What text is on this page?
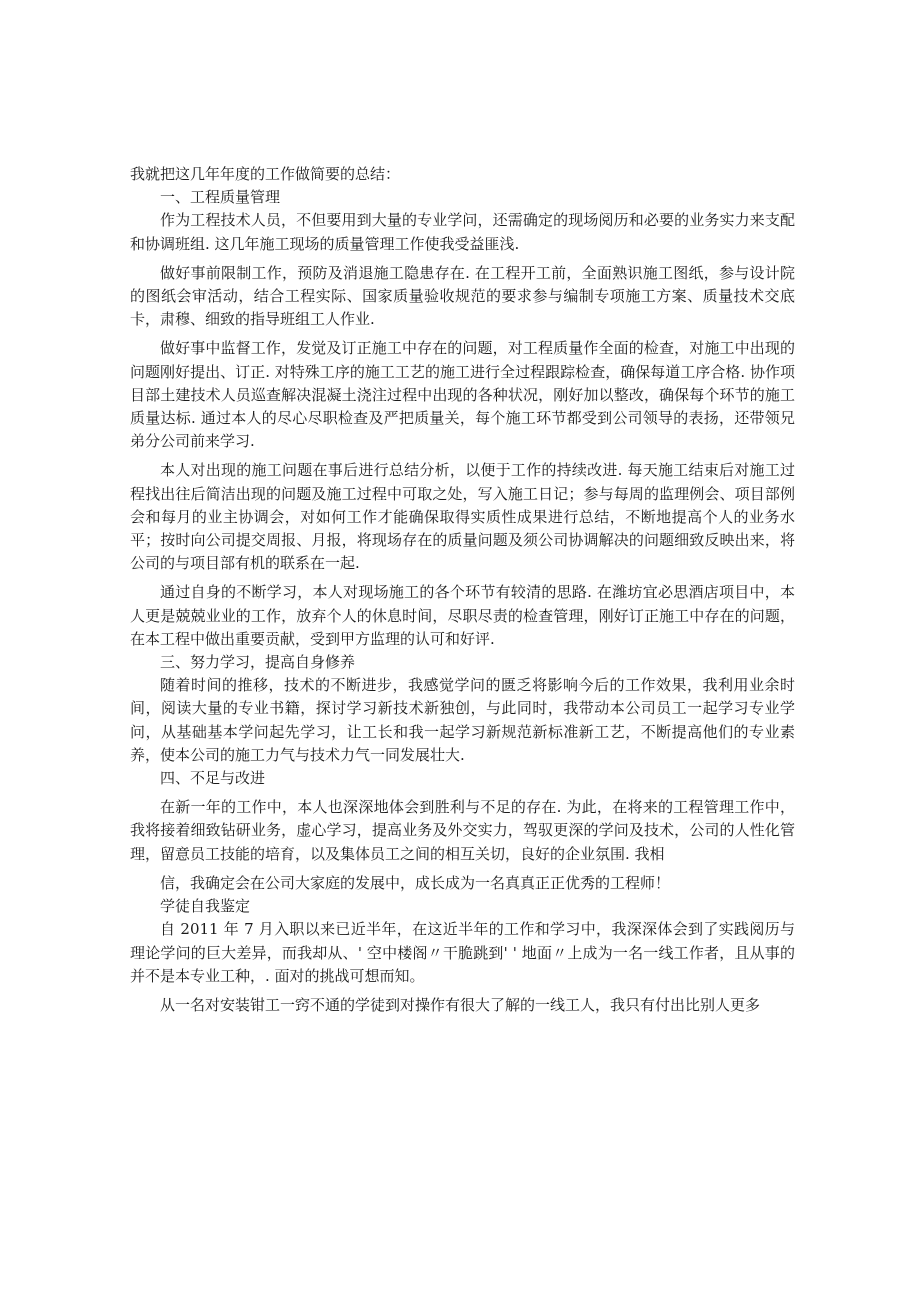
我就把这几年年度的工作做简要的总结：

一、工程质量管理

作为工程技术人员，不但要用到大量的专业学问，还需确定的现场阅历和必要的业务实力来支配和协调班组. 这几年施工现场的质量管理工作使我受益匪浅.

做好事前限制工作，预防及消退施工隐患存在. 在工程开工前，全面熟识施工图纸，参与设计院的图纸会审活动，结合工程实际、国家质量验收规范的要求参与编制专项施工方案、质量技术交底卡，肃穆、细致的指导班组工人作业.

做好事中监督工作，发觉及订正施工中存在的问题，对工程质量作全面的检查，对施工中出现的问题刚好提出、订正. 对特殊工序的施工工艺的施工进行全过程跟踪检查，确保每道工序合格. 协作项目部土建技术人员巡查解决混凝土浇注过程中出现的各种状况，刚好加以整改，确保每个环节的施工质量达标. 通过本人的尽心尽职检查及严把质量关，每个施工环节都受到公司领导的表扬，还带领兄弟分公司前来学习.

本人对出现的施工问题在事后进行总结分析，以便于工作的持续改进. 每天施工结束后对施工过程找出往后简洁出现的问题及施工过程中可取之处，写入施工日记；参与每周的监理例会、项目部例会和每月的业主协调会，对如何工作才能确保取得实质性成果进行总结，不断地提高个人的业务水平；按时向公司提交周报、月报，将现场存在的质量问题及须公司协调解决的问题细致反映出来，将公司的与项目部有机的联系在一起.

通过自身的不断学习，本人对现场施工的各个环节有较清的思路. 在潍坊宜必思酒店项目中，本人更是兢兢业业的工作，放弃个人的休息时间，尽职尽责的检查管理，刚好订正施工中存在的问题，在本工程中做出重要贡献，受到甲方监理的认可和好评.

三、努力学习，提高自身修养

随着时间的推移，技术的不断进步，我感觉学问的匮乏将影响今后的工作效果，我利用业余时间，阅读大量的专业书籍，探讨学习新技术新独创，与此同时，我带动本公司员工一起学习专业学问，从基础基本学问起先学习，让工长和我一起学习新规范新标准新工艺，不断提高他们的专业素养，使本公司的施工力气与技术力气一同发展壮大.

四、不足与改进

在新一年的工作中，本人也深深地体会到胜利与不足的存在. 为此，在将来的工程管理工作中，我将接着细致钻研业务，虚心学习，提高业务及外交实力，驾驭更深的学问及技术，公司的人性化管理，留意员工技能的培育，以及集体员工之间的相互关切，良好的企业氛围. 我相

信，我确定会在公司大家庭的发展中，成长成为一名真真正正优秀的工程师！

学徒自我鉴定

自 2011 年 7 月入职以来已近半年，在这近半年的工作和学习中，我深深体会到了实践阅历与理论学问的巨大差异，而我却从、' 空中楼阁〃干脆跳到' ' 地面〃上成为一名一线工作者，且从事的并不是本专业工种，. 面对的挑战可想而知。

从一名对安装钳工一窍不通的学徒到对操作有很大了解的一线工人，我只有付出比别人更多
